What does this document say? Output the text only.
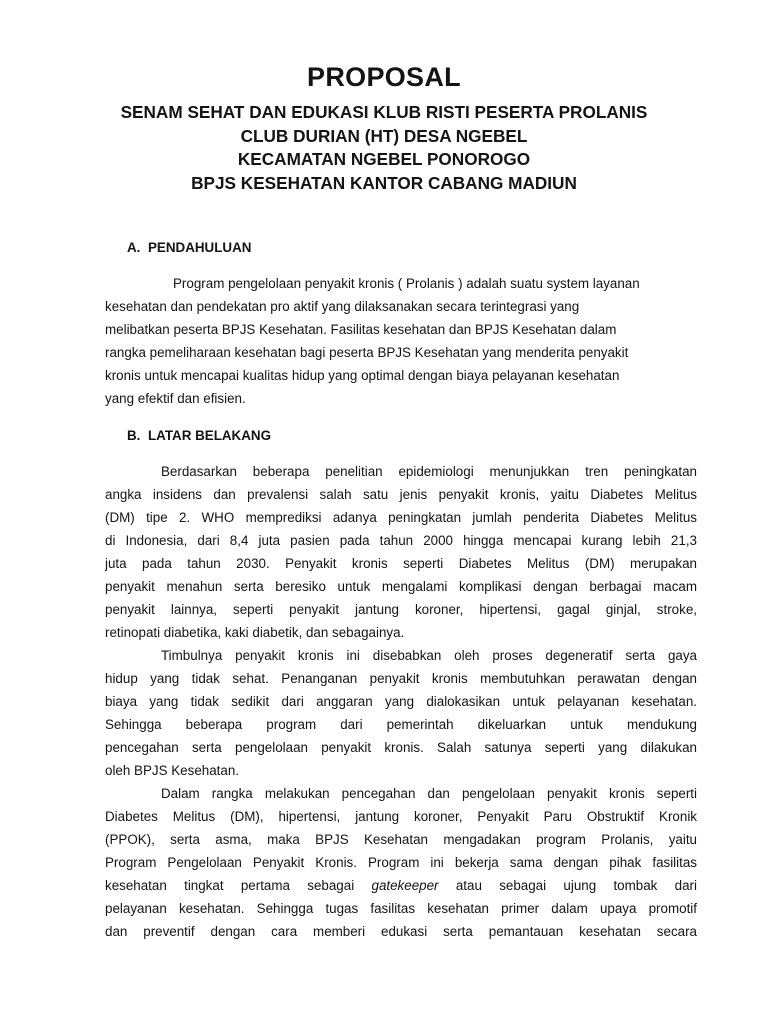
PROPOSAL
SENAM SEHAT DAN EDUKASI KLUB RISTI PESERTA PROLANIS
CLUB DURIAN (HT) DESA NGEBEL
KECAMATAN NGEBEL PONOROGO
BPJS KESEHATAN KANTOR CABANG MADIUN
A. PENDAHULUAN
Program pengelolaan penyakit kronis ( Prolanis ) adalah suatu system layanan
kesehatan dan pendekatan pro aktif yang dilaksanakan secara terintegrasi yang
melibatkan peserta BPJS Kesehatan. Fasilitas kesehatan dan BPJS Kesehatan dalam
rangka pemeliharaan kesehatan bagi peserta BPJS Kesehatan yang menderita penyakit
kronis untuk mencapai kualitas hidup yang optimal dengan biaya pelayanan kesehatan
yang efektif dan efisien.
B. LATAR BELAKANG
Berdasarkan beberapa penelitian epidemiologi menunjukkan tren peningkatan
angka insidens dan prevalensi salah satu jenis penyakit kronis, yaitu Diabetes Melitus
(DM) tipe 2. WHO memprediksi adanya peningkatan jumlah penderita Diabetes Melitus
di Indonesia, dari 8,4 juta pasien pada tahun 2000 hingga mencapai kurang lebih 21,3
juta pada tahun 2030. Penyakit kronis seperti Diabetes Melitus (DM) merupakan
penyakit menahun serta beresiko untuk mengalami komplikasi dengan berbagai macam
penyakit lainnya, seperti penyakit jantung koroner, hipertensi, gagal ginjal, stroke,
retinopati diabetika, kaki diabetik, dan sebagainya.
Timbulnya penyakit kronis ini disebabkan oleh proses degeneratif serta gaya
hidup yang tidak sehat. Penanganan penyakit kronis membutuhkan perawatan dengan
biaya yang tidak sedikit dari anggaran yang dialokasikan untuk pelayanan kesehatan.
Sehingga beberapa program dari pemerintah dikeluarkan untuk mendukung
pencegahan serta pengelolaan penyakit kronis. Salah satunya seperti yang dilakukan
oleh BPJS Kesehatan.
Dalam rangka melakukan pencegahan dan pengelolaan penyakit kronis seperti
Diabetes Melitus (DM), hipertensi, jantung koroner, Penyakit Paru Obstruktif Kronik
(PPOK), serta asma, maka BPJS Kesehatan mengadakan program Prolanis, yaitu
Program Pengelolaan Penyakit Kronis. Program ini bekerja sama dengan pihak fasilitas
kesehatan tingkat pertama sebagai gatekeeper atau sebagai ujung tombak dari
pelayanan kesehatan. Sehingga tugas fasilitas kesehatan primer dalam upaya promotif
dan preventif dengan cara memberi edukasi serta pemantauan kesehatan secara
